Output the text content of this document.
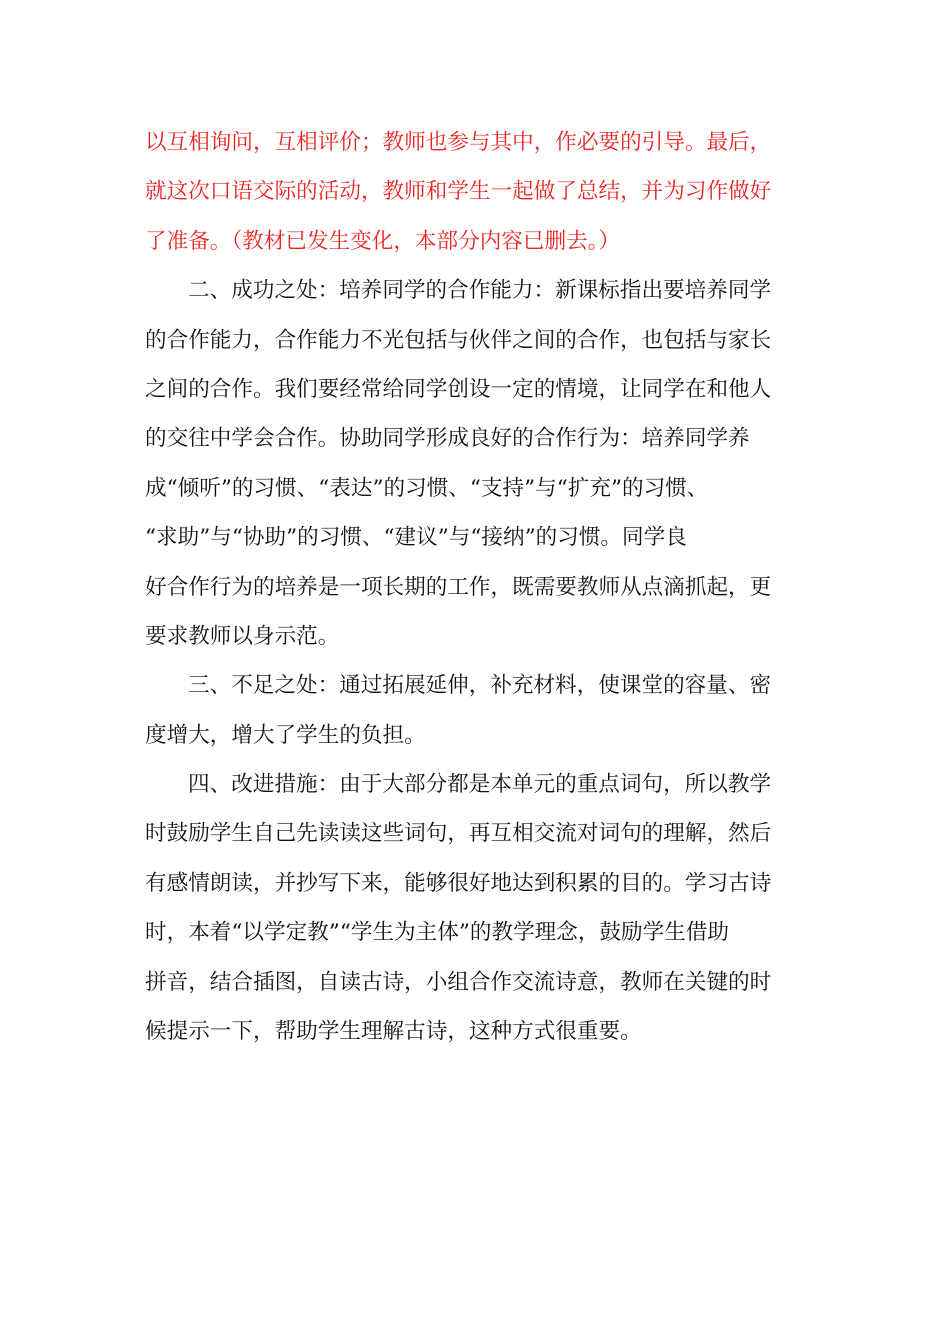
以互相询问，互相评价；教师也参与其中，作必要的引导。最后，
就这次口语交际的活动，教师和学生一起做了总结，并为习作做好
了准备。（教材已发生变化，本部分内容已删去。）
二、成功之处：培养同学的合作能力：新课标指出要培养同学
的合作能力，合作能力不光包括与伙伴之间的合作，也包括与家长
之间的合作。我们要经常给同学创设一定的情境，让同学在和他人
的交往中学会合作。协助同学形成良好的合作行为：培养同学养
成“倾听”的习惯、“表达”的习惯、“支持”与“扩充”的习惯、
“求助”与“协助”的习惯、“建议”与“接纳”的习惯。同学良
好合作行为的培养是一项长期的工作，既需要教师从点滴抓起，更
要求教师以身示范。
三、不足之处：通过拓展延伸，补充材料，使课堂的容量、密
度增大，增大了学生的负担。
四、改进措施：由于大部分都是本单元的重点词句，所以教学
时鼓励学生自己先读读这些词句，再互相交流对词句的理解，然后
有感情朗读，并抄写下来，能够很好地达到积累的目的。学习古诗
时，本着“以学定教”“学生为主体”的教学理念，鼓励学生借助
拼音，结合插图，自读古诗，小组合作交流诗意，教师在关键的时
候提示一下，帮助学生理解古诗，这种方式很重要。
